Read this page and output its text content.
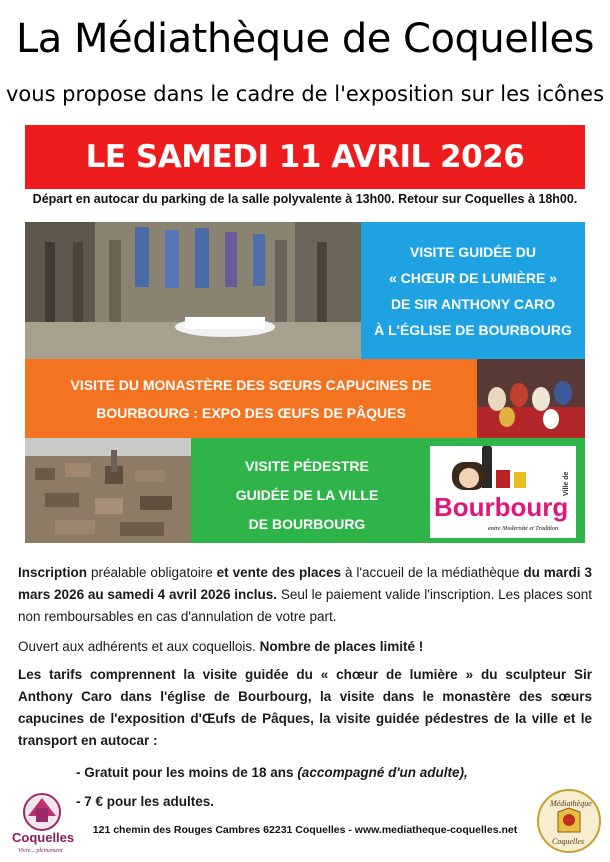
La Médiathèque de Coquelles
vous propose dans le cadre de l'exposition sur les icônes
LE SAMEDI 11 AVRIL 2026
Départ en autocar du parking de la salle polyvalente à 13h00. Retour sur Coquelles à 18h00.
VISITE GUIDÉE DU
« CHŒUR DE LUMIÈRE »
DE SIR ANTHONY CARO
À L'ÉGLISE DE BOURBOURG
VISITE DU MONASTÈRE DES SŒURS CAPUCINES DE
BOURBOURG : EXPO DES ŒUFS DE PÂQUES
VISITE PÉDESTRE
GUIDÉE DE LA VILLE
DE BOURBOURG
Bourbourg
Ville de
entre Modernité et Tradition
Inscription préalable obligatoire et vente des places à l'accueil de la médiathèque du mardi 3 mars 2026 au samedi 4 avril 2026 inclus. Seul le paiement valide l'inscription. Les places sont non remboursables en cas d'annulation de votre part.
Ouvert aux adhérents et aux coquellois. Nombre de places limité !
Les tarifs comprennent la visite guidée du « chœur de lumière » du sculpteur Sir Anthony Caro dans l'église de Bourbourg, la visite dans le monastère des sœurs capucines de l'exposition d'Œufs de Pâques, la visite guidée pédestres de la ville et le transport en autocar :
- Gratuit pour les moins de 18 ans (accompagné d'un adulte),
- 7 € pour les adultes.
Coquelles
Vivre... pleinement
121 chemin des Rouges Cambres 62231 Coquelles - www.mediatheque-coquelles.net
Médiathèque
Coquelles
